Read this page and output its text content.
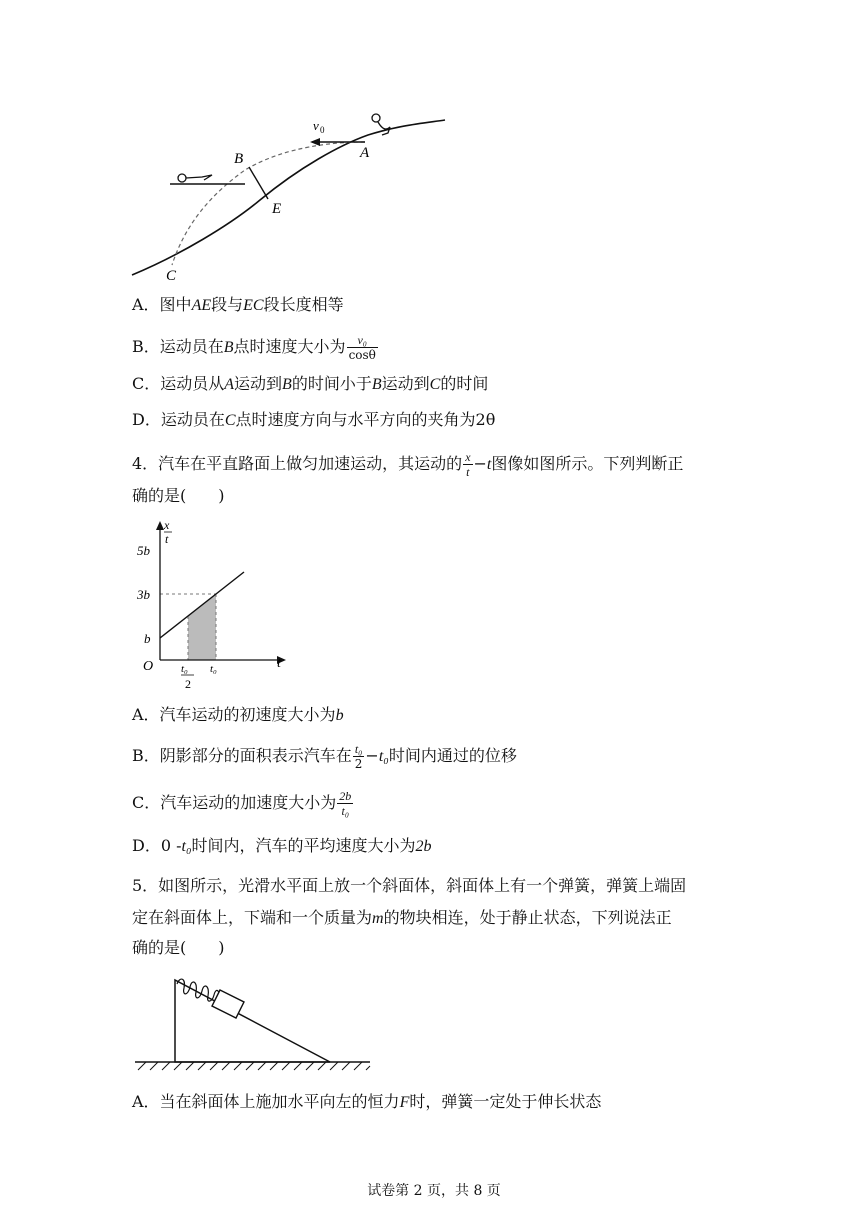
v 0
A
B
E
C
A．图中AE段与EC段长度相等
B．运动员在B点时速度大小为 $\frac{\text{v₀}}{\cos\theta}$
C．运动员从A运动到B的时间小于B运动到C的时间
D．运动员在C点时速度方向与水平方向的夹角为2θ
4．汽车在平直路面上做匀加速运动，其运动的 $\frac{x}{t} -t$图像如图所示。下列判断正
确的是(　　)
x
t
t
O
5b
3b
b
t₀
2
t₀
A．汽车运动的初速度大小为b
B．阴影部分的面积表示汽车在 $\frac{\text{t₀}}{2} -t_0$时间内通过的位移
C．汽车运动的加速度大小为 $\frac{2b}{\text{t₀}}$
D．0 -t₀时间内，汽车的平均速度大小为2b
5．如图所示，光滑水平面上放一个斜面体，斜面体上有一个弹簧，弹簧上端固
定在斜面体上，下端和一个质量为m的物块相连，处于静止状态，下列说法正
确的是(　　)
A．当在斜面体上施加水平向左的恒力F时，弹簧一定处于伸长状态
试卷第 2 页，共 8 页
